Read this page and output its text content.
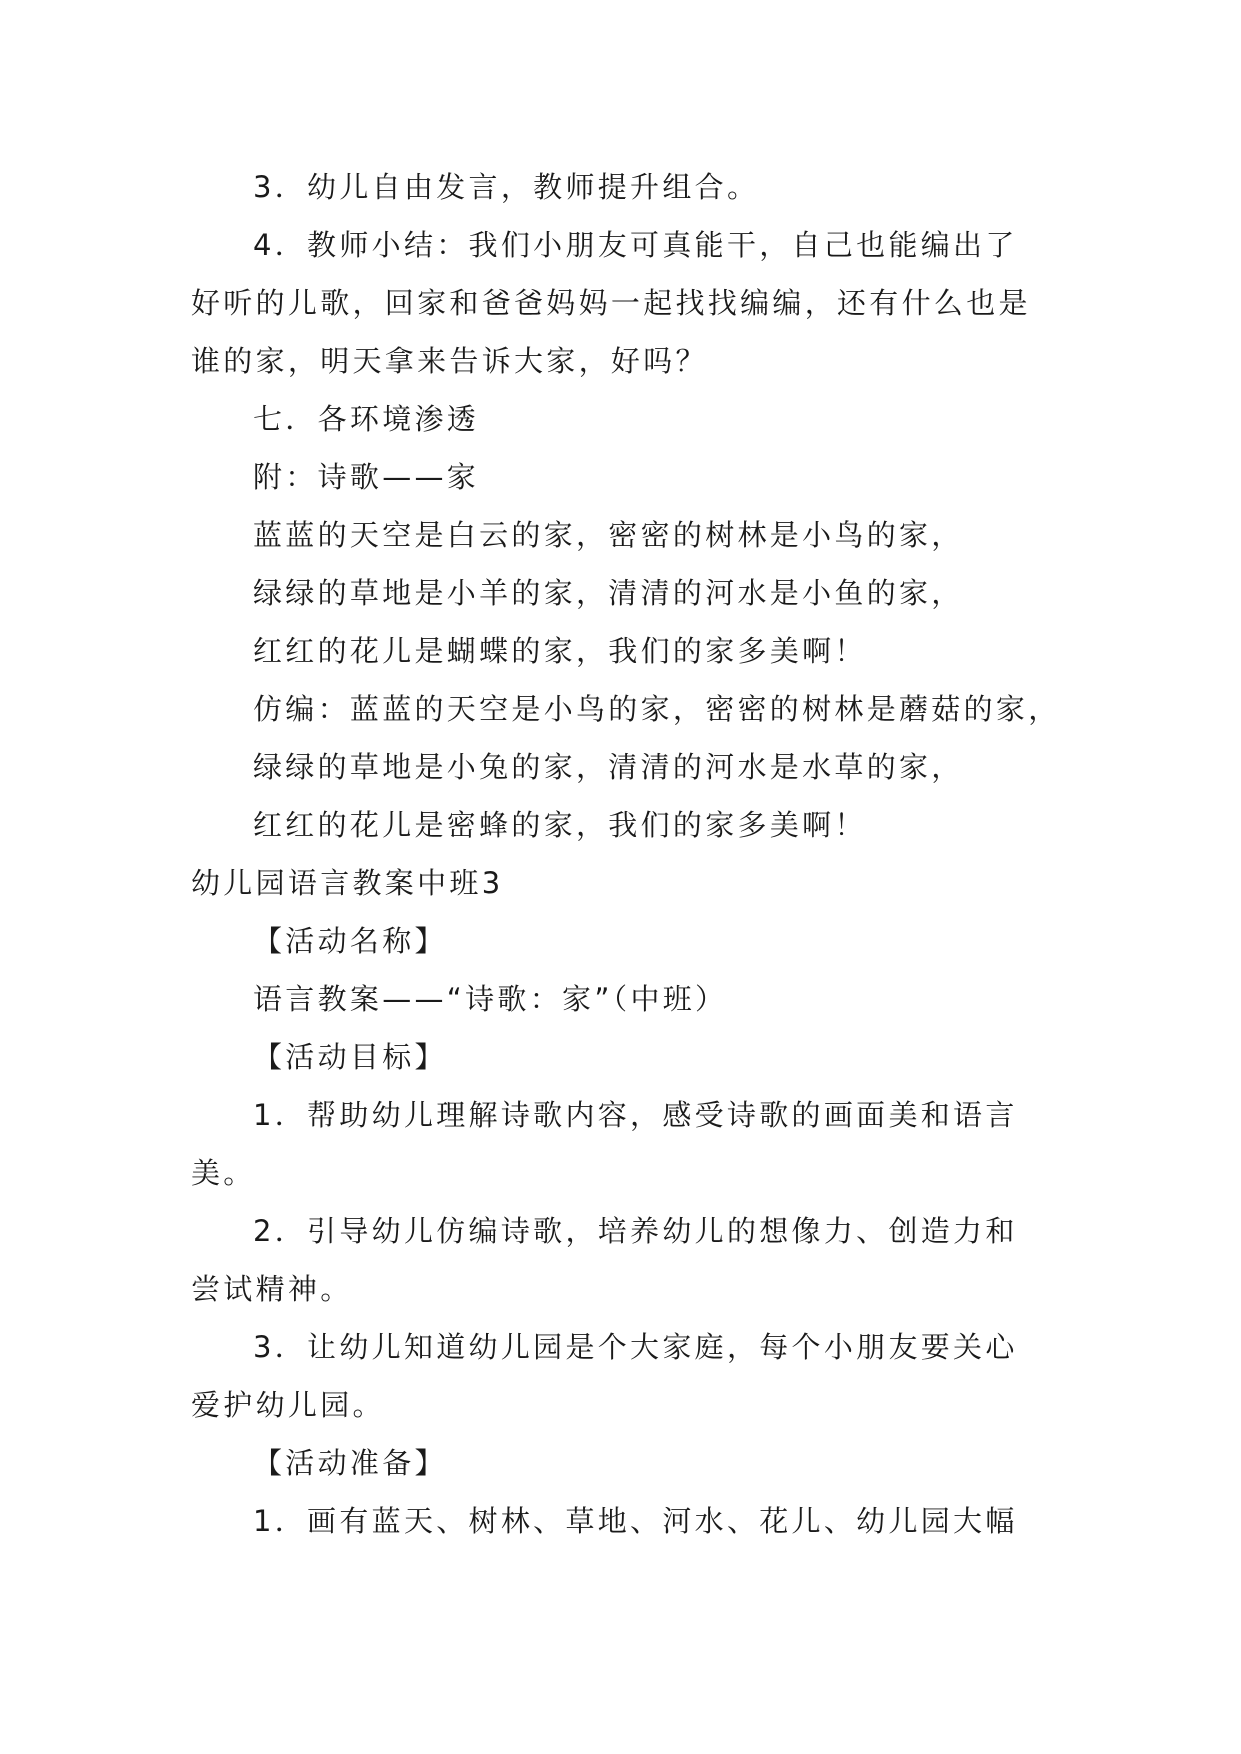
3．幼儿自由发言，教师提升组合。
4．教师小结：我们小朋友可真能干，自己也能编出了
好听的儿歌，回家和爸爸妈妈一起找找编编，还有什么也是
谁的家，明天拿来告诉大家，好吗？
七．各环境渗透
附：诗歌——家
蓝蓝的天空是白云的家，密密的树林是小鸟的家，
绿绿的草地是小羊的家，清清的河水是小鱼的家，
红红的花儿是蝴蝶的家，我们的家多美啊！
仿编：蓝蓝的天空是小鸟的家，密密的树林是蘑菇的家，
绿绿的草地是小兔的家，清清的河水是水草的家，
红红的花儿是密蜂的家，我们的家多美啊！
幼儿园语言教案中班3
【活动名称】
语言教案——“诗歌：家”（中班）
【活动目标】
1．帮助幼儿理解诗歌内容，感受诗歌的画面美和语言
美。
2．引导幼儿仿编诗歌，培养幼儿的想像力、创造力和
尝试精神。
3．让幼儿知道幼儿园是个大家庭，每个小朋友要关心
爱护幼儿园。
【活动准备】
1．画有蓝天、树林、草地、河水、花儿、幼儿园大幅
